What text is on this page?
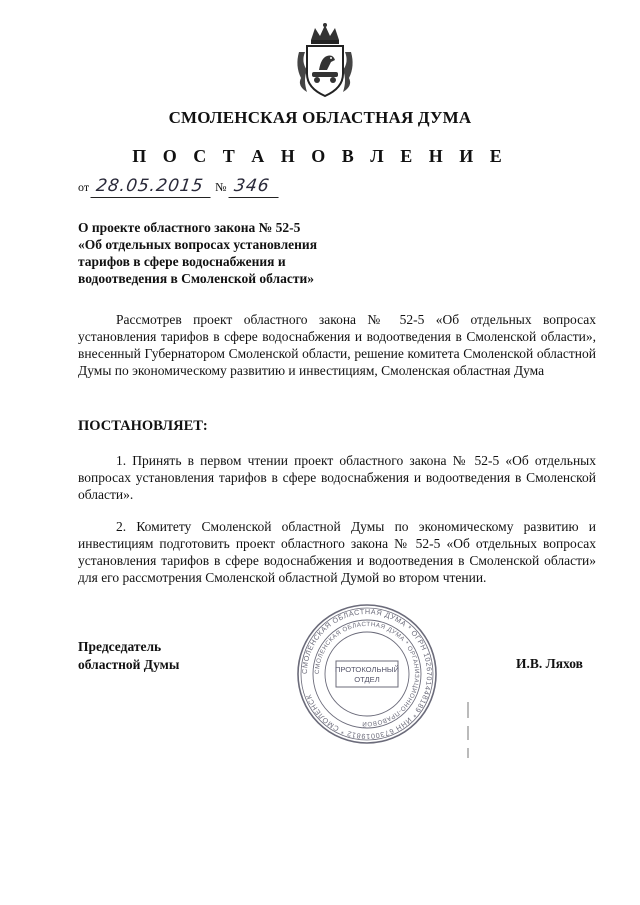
СМОЛЕНСКАЯ ОБЛАСТНАЯ ДУМА
П О С Т А Н О В Л Е Н И Е
от 28.05.2015 № 346
О проекте областного закона № 52-5
«Об отдельных вопросах установления
тарифов в сфере водоснабжения и
водоотведения в Смоленской области»
Рассмотрев проект областного закона № 52-5 «Об отдельных вопросах установления тарифов в сфере водоснабжения и водоотведения в Смоленской области», внесенный Губернатором Смоленской области, решение комитета Смоленской областной Думы по экономическому развитию и инвестициям, Смоленская областная Дума
ПОСТАНОВЛЯЕТ:
1. Принять в первом чтении проект областного закона № 52-5 «Об отдельных вопросах установления тарифов в сфере водоснабжения и водоотведения в Смоленской области».
2. Комитету Смоленской областной Думы по экономическому развитию и инвестициям подготовить проект областного закона № 52-5 «Об отдельных вопросах установления тарифов в сфере водоснабжения и водоотведения в Смоленской области» для его рассмотрения Смоленской областной Думой во втором чтении.
Председатель
областной Думы	И.В. Ляхов
СМОЛЕНСКАЯ ОБЛАСТНАЯ ДУМА * ОГРН 1026701448189 * ИНН 6730019812 * СМОЛЕНСК
СМОЛЕНСКАЯ ОБЛАСТНАЯ ДУМА * ОРГАНИЗАЦИОННО-ПРАВОВОЙ
ПРОТОКОЛЬНЫЙ
ОТДЕЛ
